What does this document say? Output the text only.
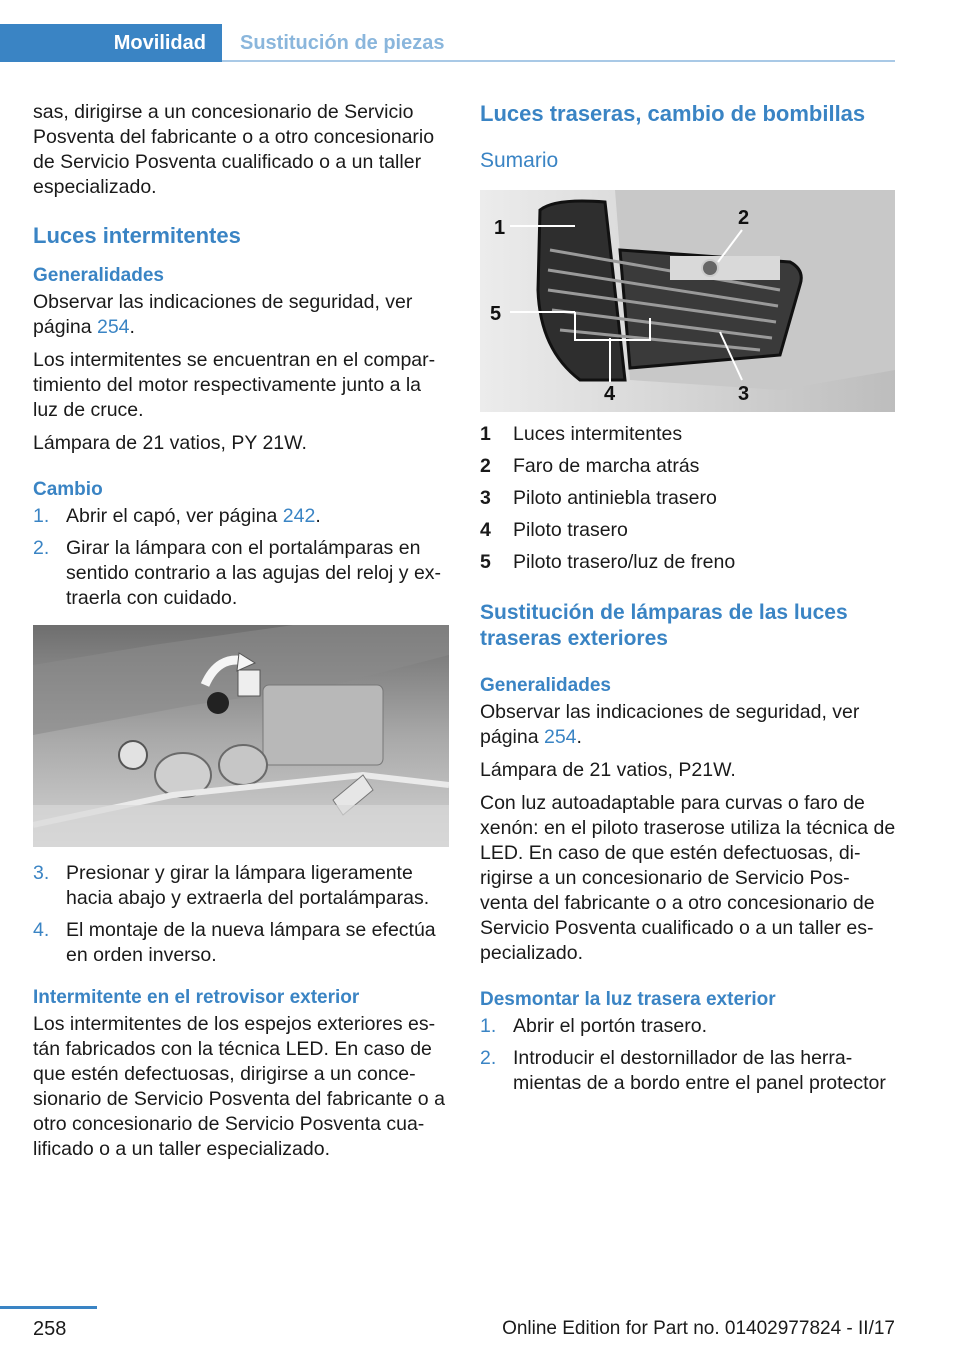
Movilidad	Sustitución de piezas

sas, dirigirse a un concesionario de Servicio Posventa del fabricante o a otro concesionario de Servicio Posventa cualificado o a un taller especializado.

Luces intermitentes
Generalidades

Observar las indicaciones de seguridad, ver página 254.

Los intermitentes se encuentran en el compar‐timiento del motor respectivamente junto a la luz de cruce.

Lámpara de 21 vatios, PY 21W.

Cambio
1. Abrir el capó, ver página 242.
2. Girar la lámpara con el portalámparas en sentido contrario a las agujas del reloj y ex‐traerla con cuidado.
3. Presionar y girar la lámpara ligeramente hacia abajo y extraerla del portalámparas.
4. El montaje de la nueva lámpara se efectúa en orden inverso.
Intermitente en el retrovisor exterior

Los intermitentes de los espejos exteriores es‐tán fabricados con la técnica LED. En caso de que estén defectuosas, dirigirse a un conce‐sionario de Servicio Posventa del fabricante o a otro concesionario de Servicio Posventa cua‐lificado o a un taller especializado.

Luces traseras, cambio de bombillas
Sumario
1	2
3
4
5
1	Luces intermitentes
2	Faro de marcha atrás
3	Piloto antiniebla trasero
4	Piloto trasero
5	Piloto trasero/luz de freno
Sustitución de lámparas de las luces traseras exteriores
Generalidades

Observar las indicaciones de seguridad, ver página 254.

Lámpara de 21 vatios, P21W.

Con luz autoadaptable para curvas o faro de xenón: en el piloto traserose utiliza la técnica de LED. En caso de que estén defectuosas, di‐rigirse a un concesionario de Servicio Pos‐venta del fabricante o a otro concesionario de Servicio Posventa cualificado o a un taller es‐pecializado.

Desmontar la luz trasera exterior
1. Abrir el portón trasero.
2. Introducir el destornillador de las herra‐mientas de a bordo entre el panel protector
258	Online Edition for Part no. 01402977824 - II/17
